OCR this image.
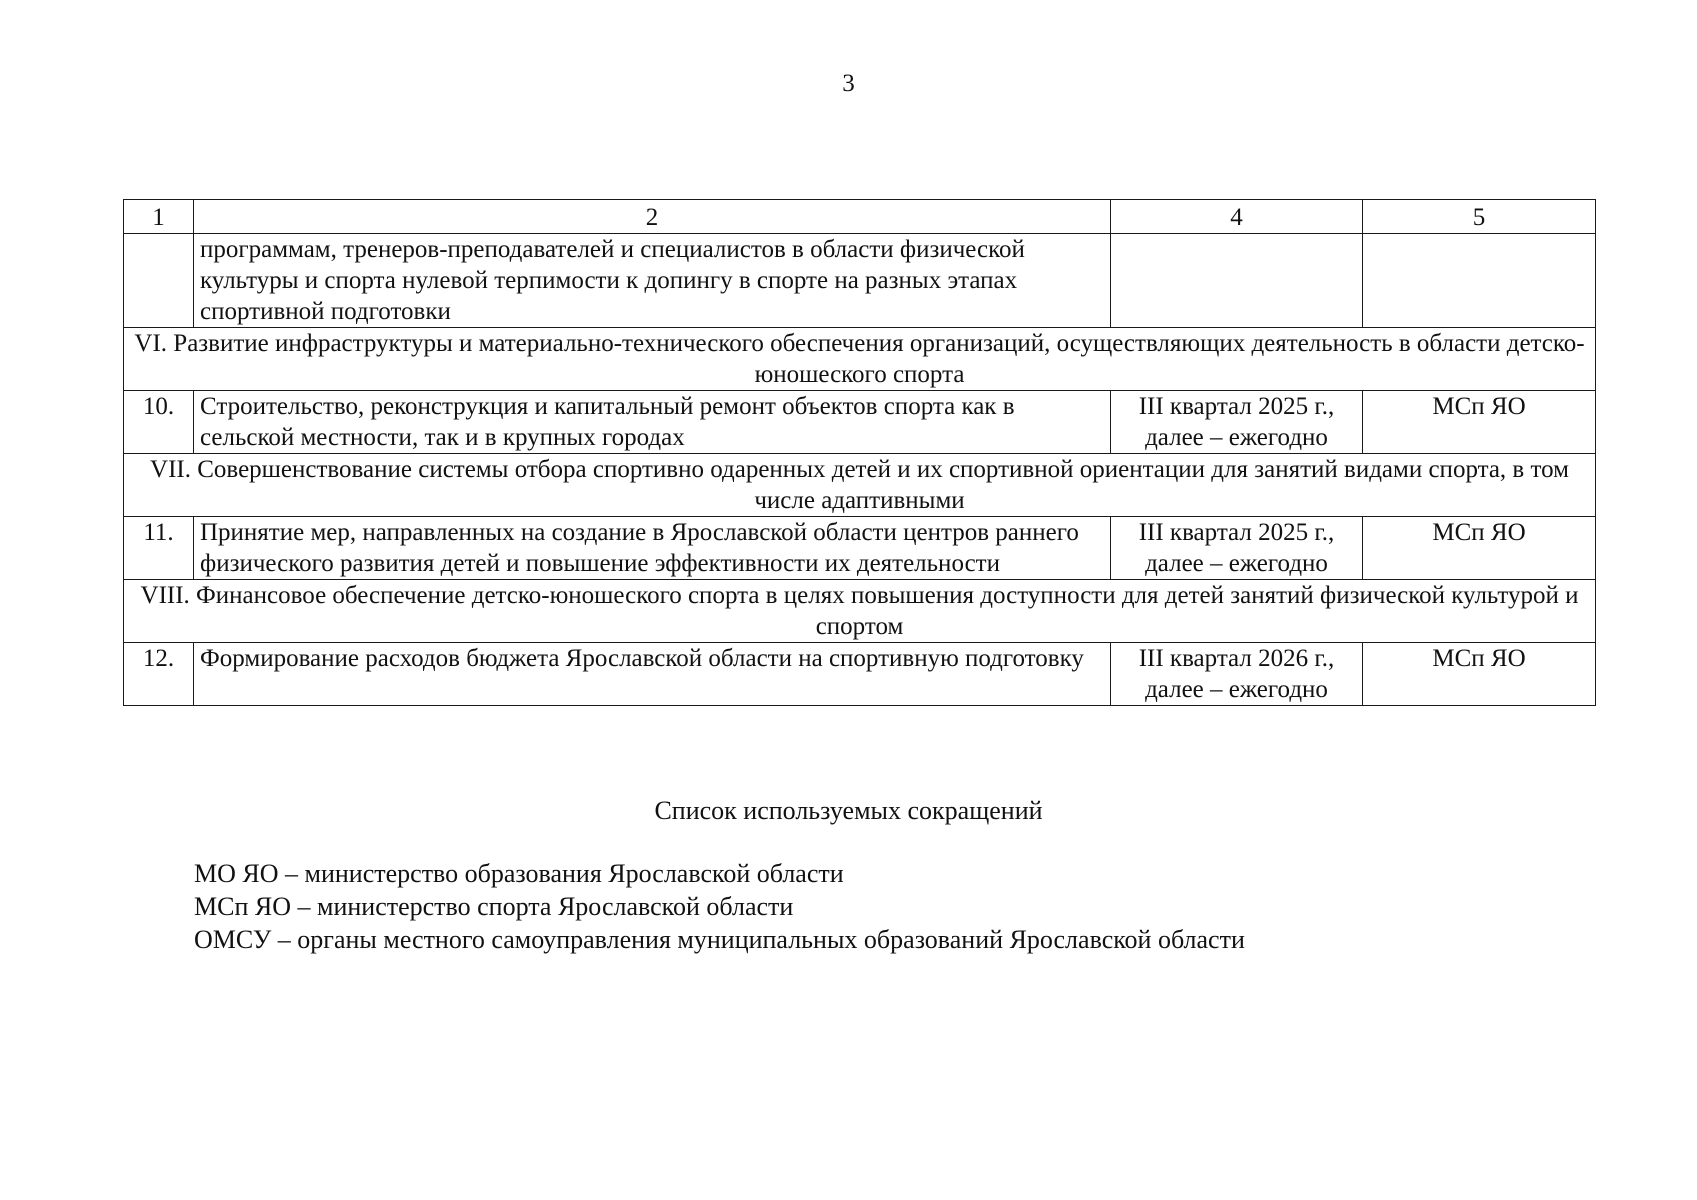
3
1	2	4	5
	программам, тренеров-преподавателей и специалистов в области физической культуры и спорта нулевой терпимости к допингу в спорте на разных этапах спортивной подготовки		
VI. Развитие инфраструктуры и материально-технического обеспечения организаций, осуществляющих деятельность в области детско-юношеского спорта			
10.	Строительство, реконструкция и капитальный ремонт объектов спорта как в сельской местности, так и в крупных городах	III квартал 2025 г., далее – ежегодно	МСп ЯО
VII. Совершенствование системы отбора спортивно одаренных детей и их спортивной ориентации для занятий видами спорта, в том числе адаптивными			
11.	Принятие мер, направленных на создание в Ярославской области центров раннего физического развития детей и повышение эффективности их деятельности	III квартал 2025 г., далее – ежегодно	МСп ЯО
VIII. Финансовое обеспечение детско-юношеского спорта в целях повышения доступности для детей занятий физической культурой и спортом			
12.	Формирование расходов бюджета Ярославской области на спортивную подготовку	III квартал 2026 г., далее – ежегодно	МСп ЯО
Список используемых сокращений
МО ЯО – министерство образования Ярославской области
МСп ЯО – министерство спорта Ярославской области
ОМСУ – органы местного самоуправления муниципальных образований Ярославской области
